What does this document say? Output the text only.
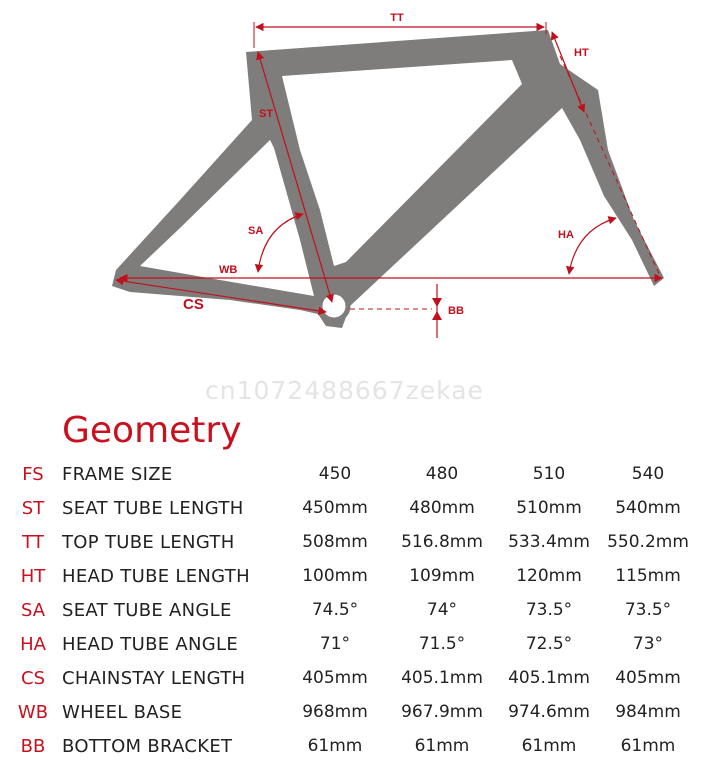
TT
HT
ST
SA	HA
WB
CS	BB
cn1072488667zekae
Geometry
FS	FRAME SIZE	450	480	510	540
ST SEAT TUBE LENGTH	450mm	480mm	510mm	540mm
TT	TOP TUBE LENGTH	508mm	516.8mm	533.4mm	550.2mm
HT HEAD TUBE LENGTH	100mm	109mm	120mm	115mm
SA SEAT TUBE ANGLE	74.5°	74°	73.5°	73.5°
HA HEAD TUBE ANGLE	71°	71.5°	72.5°	73°
CS CHAINSTAY LENGTH	405mm	405.1mm	405.1mm	405mm
WB WHEEL BASE	968mm	967.9mm	974.6mm	984mm
BB BOTTOM BRACKET	61mm	61mm	61mm	61mm
